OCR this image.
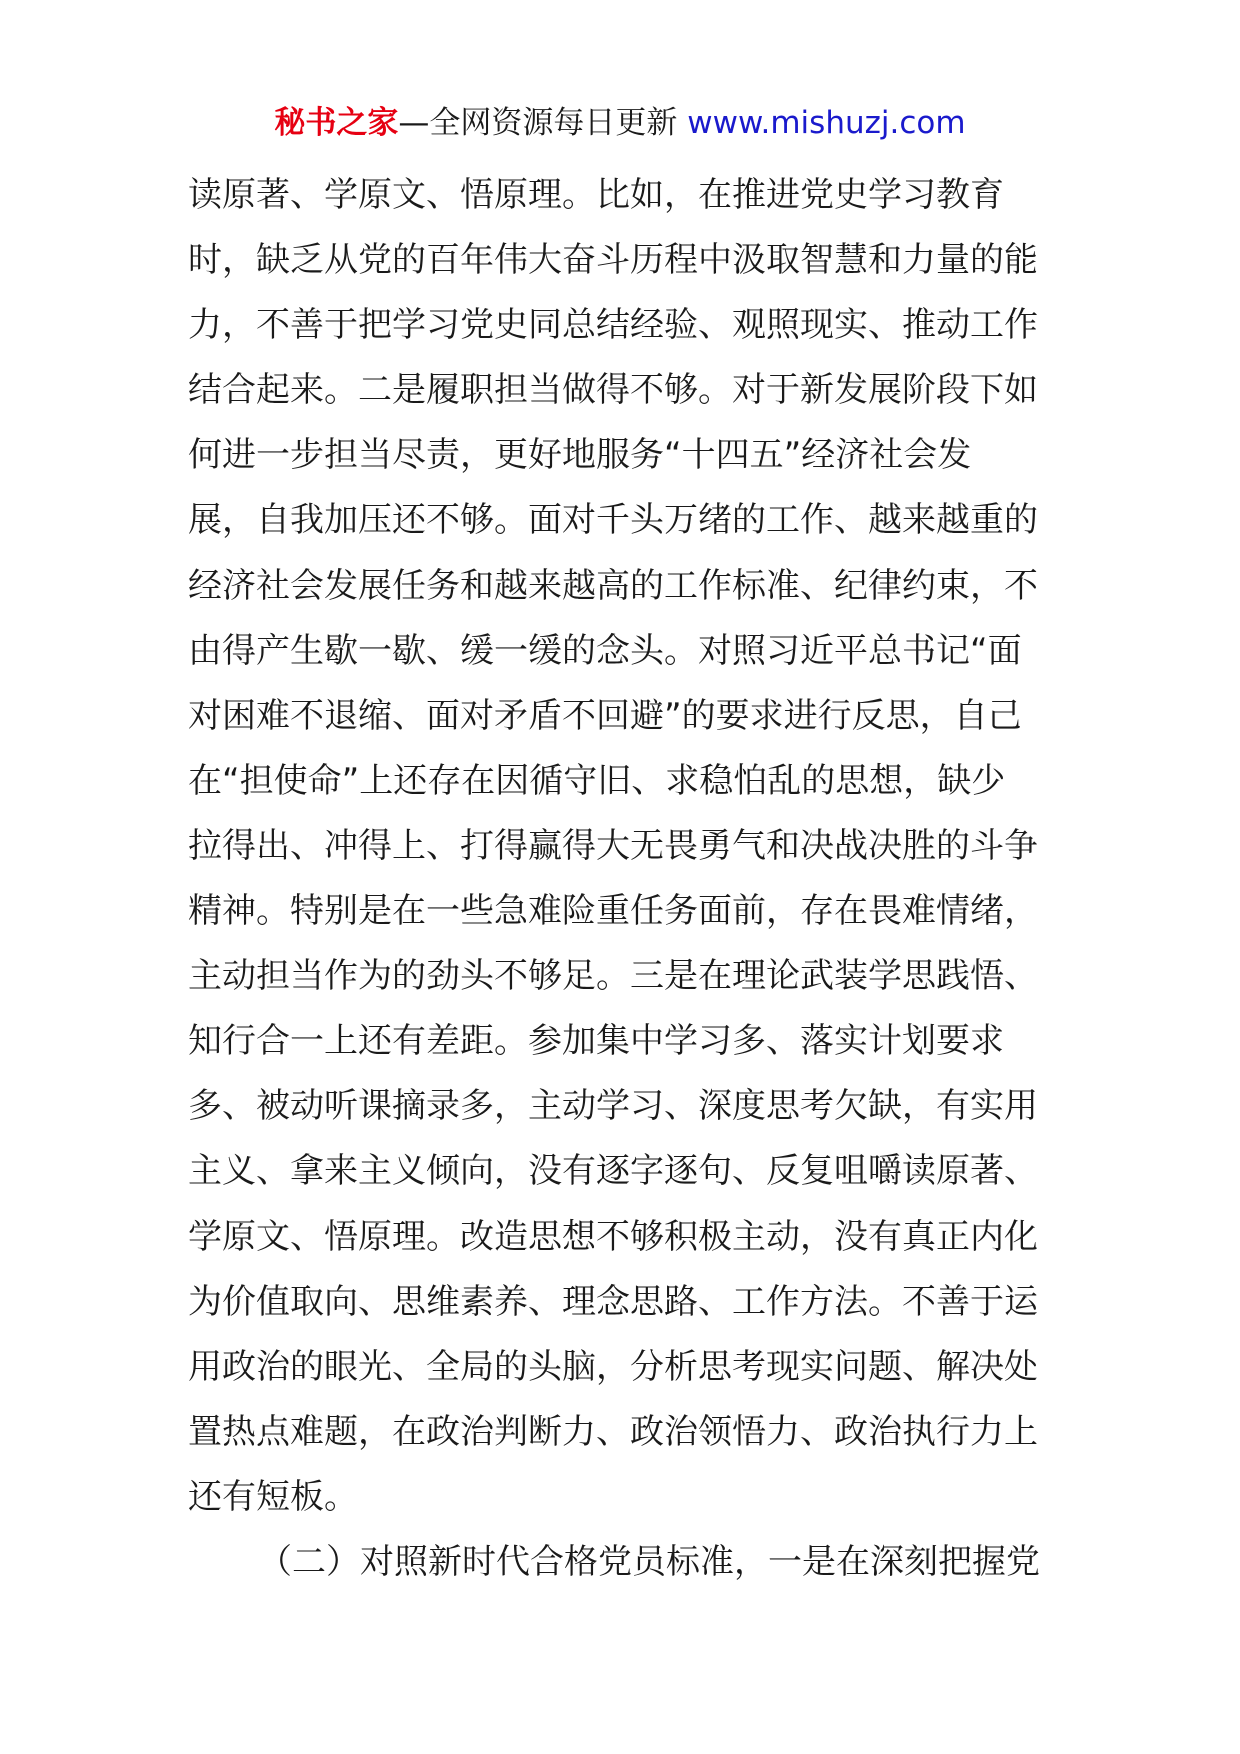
秘书之家—全网资源每日更新 www.mishuzj.com
读原著、学原文、悟原理。比如，在推进党史学习教育
时，缺乏从党的百年伟大奋斗历程中汲取智慧和力量的能
力，不善于把学习党史同总结经验、观照现实、推动工作
结合起来。二是履职担当做得不够。对于新发展阶段下如
何进一步担当尽责，更好地服务“十四五”经济社会发
展，自我加压还不够。面对千头万绪的工作、越来越重的
经济社会发展任务和越来越高的工作标准、纪律约束，不
由得产生歇一歇、缓一缓的念头。对照习近平总书记“面
对困难不退缩、面对矛盾不回避”的要求进行反思，自己
在“担使命”上还存在因循守旧、求稳怕乱的思想，缺少
拉得出、冲得上、打得赢得大无畏勇气和决战决胜的斗争
精神。特别是在一些急难险重任务面前，存在畏难情绪，
主动担当作为的劲头不够足。三是在理论武装学思践悟、
知行合一上还有差距。参加集中学习多、落实计划要求
多、被动听课摘录多，主动学习、深度思考欠缺，有实用
主义、拿来主义倾向，没有逐字逐句、反复咀嚼读原著、
学原文、悟原理。改造思想不够积极主动，没有真正内化
为价值取向、思维素养、理念思路、工作方法。不善于运
用政治的眼光、全局的头脑，分析思考现实问题、解决处
置热点难题，在政治判断力、政治领悟力、政治执行力上
还有短板。
（二）对照新时代合格党员标准，一是在深刻把握党
